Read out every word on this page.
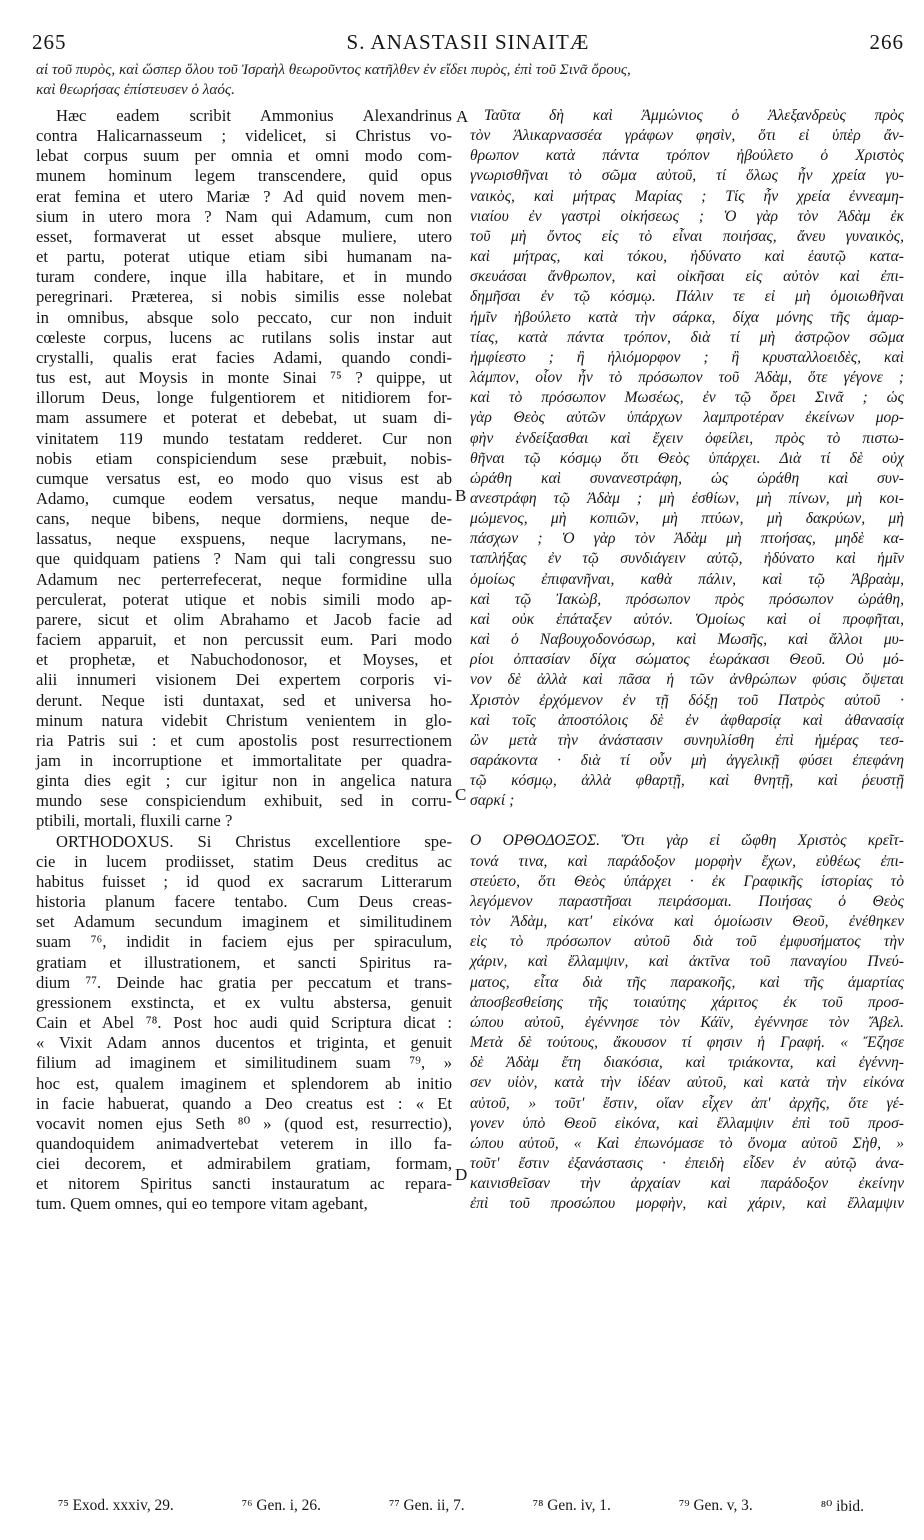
265	S. ANASTASII SINAITÆ	266
αἱ τοῦ πυρὸς, καὶ ὥσπερ ὅλου τοῦ Ἰσραὴλ θεωροῦντος κατῆλθεν ἐν εἴδει πυρὸς, ἐπὶ τοῦ Σινᾶ ὄρους,
καὶ θεωρήσας ἐπίστευσεν ὁ λαός.
Hæc eadem scribit Ammonius Alexandrinus
contra Halicarnasseum ; videlicet, si Christus vo-
lebat corpus suum per omnia et omni modo com-
munem hominum legem transcendere, quid opus
erat femina et utero Mariæ ? Ad quid novem men-
sium in utero mora ? Nam qui Adamum, cum non
esset, formaverat ut esset absque muliere, utero
et partu, poterat utique etiam sibi humanam na-
turam condere, inque illa habitare, et in mundo
peregrinari. Præterea, si nobis similis esse nolebat
in omnibus, absque solo peccato, cur non induit
cœleste corpus, lucens ac rutilans solis instar aut
crystalli, qualis erat facies Adami, quando condi-
tus est, aut Moysis in monte Sinai ⁷⁵ ? quippe, ut
illorum Deus, longe fulgentiorem et nitidiorem for-
mam assumere et poterat et debebat, ut suam di-
vinitatem 119 mundo testatam redderet. Cur non
nobis etiam conspiciendum sese præbuit, nobis-
cumque versatus est, eo modo quo visus est ab
Adamo, cumque eodem versatus, neque mandu-
cans, neque bibens, neque dormiens, neque de-
lassatus, neque exspuens, neque lacrymans, ne-
que quidquam patiens ? Nam qui tali congressu suo
Adamum nec perterrefecerat, neque formidine ulla
perculerat, poterat utique et nobis simili modo ap-
parere, sicut et olim Abrahamo et Jacob facie ad
faciem apparuit, et non percussit eum. Pari modo
et prophetæ, et Nabuchodonosor, et Moyses, et
alii innumeri visionem Dei expertem corporis vi-
derunt. Neque isti duntaxat, sed et universa ho-
minum natura videbit Christum venientem in glo-
ria Patris sui : et cum apostolis post resurrectionem
jam in incorruptione et immortalitate per quadra-
ginta dies egit ; cur igitur non in angelica natura
mundo sese conspiciendum exhibuit, sed in corru-
ptibili, mortali, fluxili carne ?
ORTHODOXUS. Si Christus excellentiore spe-
cie in lucem prodiisset, statim Deus creditus ac
habitus fuisset ; id quod ex sacrarum Litterarum
historia planum facere tentabo. Cum Deus creas-
set Adamum secundum imaginem et similitudinem
suam ⁷⁶, indidit in faciem ejus per spiraculum,
gratiam et illustrationem, et sancti Spiritus ra-
dium ⁷⁷. Deinde hac gratia per peccatum et trans-
gressionem exstincta, et ex vultu abstersa, genuit
Cain et Abel ⁷⁸. Post hoc audi quid Scriptura dicat :
« Vixit Adam annos ducentos et triginta, et genuit
filium ad imaginem et similitudinem suam ⁷⁹, »
hoc est, qualem imaginem et splendorem ab initio
in facie habuerat, quando a Deo creatus est : « Et
vocavit nomen ejus Seth ⁸⁰ » (quod est, resurrectio),
quandoquidem animadvertebat veterem in illo fa-
ciei decorem, et admirabilem gratiam, formam,
et nitorem Spiritus sancti instauratum ac repara-
tum. Quem omnes, qui eo tempore vitam agebant,
Ταῦτα δὴ καὶ Ἀμμώνιος ὁ Ἀλεξανδρεὺς πρὸς
τὸν Ἁλικαρνασσέα γράφων φησὶν, ὅτι εἰ ὑπὲρ ἄν-
θρωπον κατὰ πάντα τρόπον ἠβούλετο ὁ Χριστὸς
γνωρισθῆναι τὸ σῶμα αὐτοῦ, τί ὅλως ἦν χρεία γυ-
ναικὸς, καὶ μήτρας Μαρίας ; Τίς ἦν χρεία ἐννεαμη-
νιαίου ἐν γαστρὶ οἰκήσεως ; Ὁ γὰρ τὸν Ἀδὰμ ἐκ
τοῦ μὴ ὄντος εἰς τὸ εἶναι ποιήσας, ἄνευ γυναικὸς,
καὶ μήτρας, καὶ τόκου, ἠδύνατο καὶ ἑαυτῷ κατα-
σκευάσαι ἄνθρωπον, καὶ οἰκῆσαι εἰς αὐτὸν καὶ ἐπι-
δημῆσαι ἐν τῷ κόσμῳ. Πάλιν τε εἰ μὴ ὁμοιωθῆναι
ἡμῖν ἠβούλετο κατὰ τὴν σάρκα, δίχα μόνης τῆς ἁμαρ-
τίας, κατὰ πάντα τρόπον, διὰ τί μὴ ἀστρῷον σῶμα
ἠμφίεστο ; ἢ ἡλιόμορφον ; ἢ κρυσταλλοειδὲς, καὶ
λάμπον, οἷον ἦν τὸ πρόσωπον τοῦ Ἀδὰμ, ὅτε γέγονε ;
καὶ τὸ πρόσωπον Μωσέως, ἐν τῷ ὄρει Σινᾶ ; ὡς
γὰρ Θεὸς αὐτῶν ὑπάρχων λαμπροτέραν ἐκείνων μορ-
φὴν ἐνδείξασθαι καὶ ἔχειν ὀφείλει, πρὸς τὸ πιστω-
θῆναι τῷ κόσμῳ ὅτι Θεὸς ὑπάρχει. Διὰ τί δὲ οὐχ
ὡράθη καὶ συνανεστράφη, ὡς ὡράθη καὶ συν-
ανεστράφη τῷ Ἀδὰμ ; μὴ ἐσθίων, μὴ πίνων, μὴ κοι-
μώμενος, μὴ κοπιῶν, μὴ πτύων, μὴ δακρύων, μὴ
πάσχων ; Ὁ γὰρ τὸν Ἀδὰμ μὴ πτοήσας, μηδὲ κα-
ταπλήξας ἐν τῷ συνδιάγειν αὐτῷ, ἠδύνατο καὶ ἡμῖν
ὁμοίως ἐπιφανῆναι, καθὰ πάλιν, καὶ τῷ Ἀβραὰμ,
καὶ τῷ Ἰακὼβ, πρόσωπον πρὸς πρόσωπον ὡράθη,
καὶ οὐκ ἐπάταξεν αὐτόν. Ὁμοίως καὶ οἱ προφῆται,
καὶ ὁ Ναβουχοδονόσωρ, καὶ Μωσῆς, καὶ ἄλλοι μυ-
ρίοι ὀπτασίαν δίχα σώματος ἑωράκασι Θεοῦ. Οὐ μό-
νον δὲ ἀλλὰ καὶ πᾶσα ἡ τῶν ἀνθρώπων φύσις ὄψεται
Χριστὸν ἐρχόμενον ἐν τῇ δόξῃ τοῦ Πατρὸς αὐτοῦ ·
καὶ τοῖς ἀποστόλοις δὲ ἐν ἀφθαρσίᾳ καὶ ἀθανασίᾳ
ὢν μετὰ τὴν ἀνάστασιν συνηυλίσθη ἐπὶ ἡμέρας τεσ-
σαράκοντα · διὰ τί οὖν μὴ ἀγγελικῇ φύσει ἐπεφάνη
τῷ κόσμῳ, ἀλλὰ φθαρτῇ, καὶ θνητῇ, καὶ ῥευστῇ
σαρκί ;
Ο ΟΡΘΟΔΟΞΟΣ. Ὅτι γὰρ εἰ ὤφθη Χριστὸς κρεῖτ-
τονά τινα, καὶ παράδοξον μορφὴν ἔχων, εὐθέως ἐπι-
στεύετο, ὅτι Θεὸς ὑπάρχει · ἐκ Γραφικῆς ἱστορίας τὸ
λεγόμενον παραστῆσαι πειράσομαι. Ποιήσας ὁ Θεὸς
τὸν Ἀδὰμ, κατ' εἰκόνα καὶ ὁμοίωσιν Θεοῦ, ἐνέθηκεν
εἰς τὸ πρόσωπον αὐτοῦ διὰ τοῦ ἐμφυσήματος τὴν
χάριν, καὶ ἔλλαμψιν, καὶ ἀκτῖνα τοῦ παναγίου Πνεύ-
ματος, εἶτα διὰ τῆς παρακοῆς, καὶ τῆς ἁμαρτίας
ἀποσβεσθείσης τῆς τοιαύτης χάριτος ἐκ τοῦ προσ-
ώπου αὐτοῦ, ἐγέννησε τὸν Κάϊν, ἐγέννησε τὸν Ἄβελ.
Μετὰ δὲ τούτους, ἄκουσον τί φησιν ἡ Γραφή. « Ἔζησε
δὲ Ἀδὰμ ἔτη διακόσια, καὶ τριάκοντα, καὶ ἐγέννη-
σεν υἱὸν, κατὰ τὴν ἰδέαν αὐτοῦ, καὶ κατὰ τὴν εἰκόνα
αὐτοῦ, » τοῦτ' ἔστιν, οἵαν εἶχεν ἀπ' ἀρχῆς, ὅτε γέ-
γονεν ὑπὸ Θεοῦ εἰκόνα, καὶ ἔλλαμψιν ἐπὶ τοῦ προσ-
ώπου αὐτοῦ, « Καὶ ἐπωνόμασε τὸ ὄνομα αὐτοῦ Σὴθ, »
τοῦτ' ἔστιν ἐξανάστασις · ἐπειδὴ εἶδεν ἐν αὐτῷ ἀνα-
καινισθεῖσαν τὴν ἀρχαίαν καὶ παράδοξον ἐκείνην
ἐπὶ τοῦ προσώπου μορφὴν, καὶ χάριν, καὶ ἔλλαμψιν
A
B
C
D
⁷⁵ Exod. xxxiv, 29.	⁷⁶ Gen. i, 26.	⁷⁷ Gen. ii, 7.	⁷⁸ Gen. iv, 1.	⁷⁹ Gen. v, 3.	⁸⁰ ibid.
